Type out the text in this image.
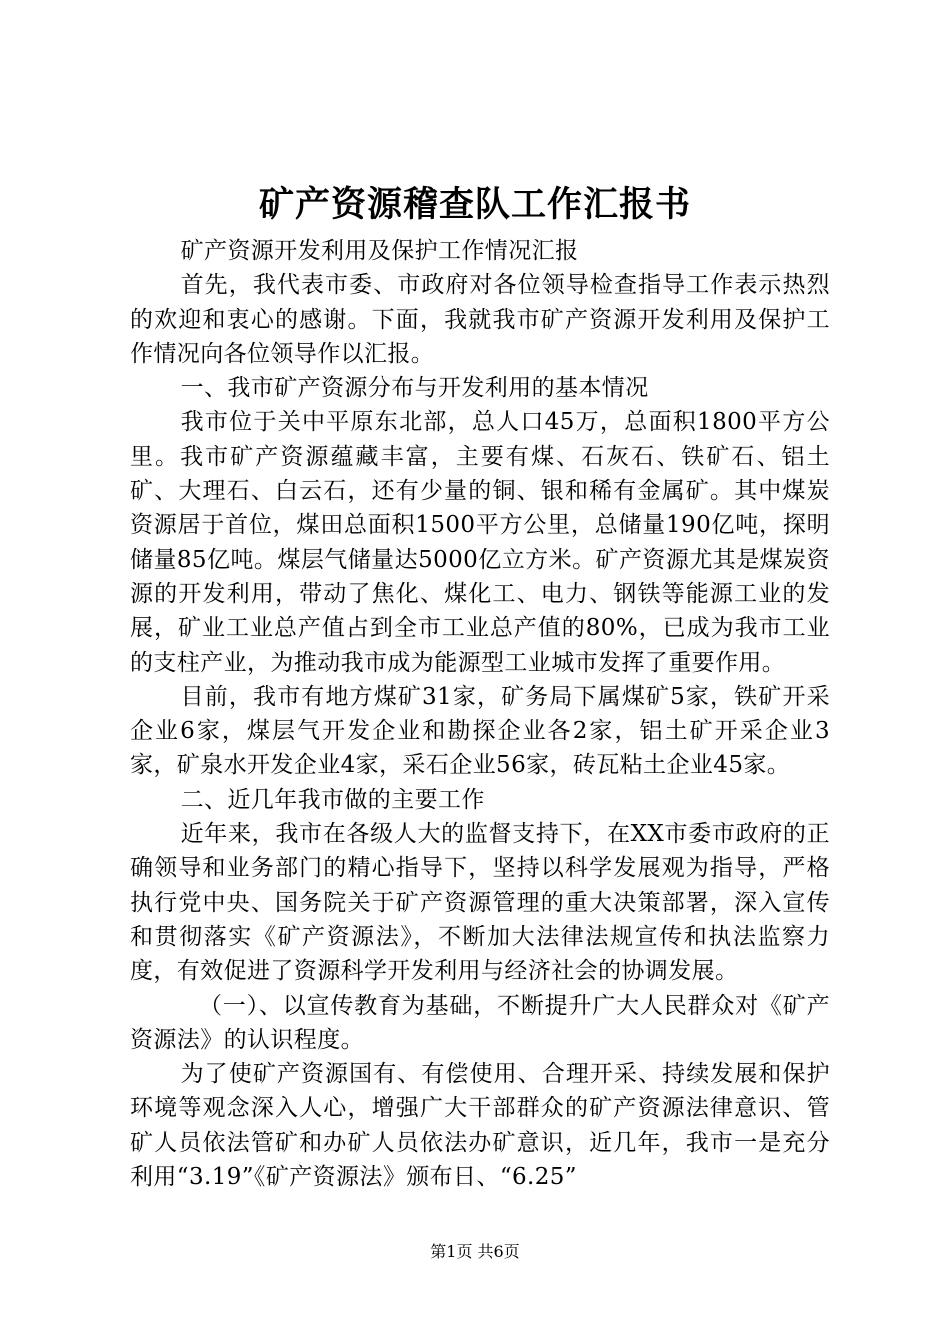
矿产资源稽查队工作汇报书

矿产资源开发利用及保护工作情况汇报

首先，我代表市委、市政府对各位领导检查指导工作表示热烈的欢迎和衷心的感谢。下面，我就我市矿产资源开发利用及保护工作情况向各位领导作以汇报。

一、我市矿产资源分布与开发利用的基本情况

我市位于关中平原东北部，总人口45万，总面积1800平方公里。我市矿产资源蕴藏丰富，主要有煤、石灰石、铁矿石、铝土矿、大理石、白云石，还有少量的铜、银和稀有金属矿。其中煤炭资源居于首位，煤田总面积1500平方公里，总储量190亿吨，探明储量85亿吨。煤层气储量达5000亿立方米。矿产资源尤其是煤炭资源的开发利用，带动了焦化、煤化工、电力、钢铁等能源工业的发展，矿业工业总产值占到全市工业总产值的80%，已成为我市工业的支柱产业，为推动我市成为能源型工业城市发挥了重要作用。

目前，我市有地方煤矿31家，矿务局下属煤矿5家，铁矿开采企业6家，煤层气开发企业和勘探企业各2家，铝土矿开采企业3家，矿泉水开发企业4家，采石企业56家，砖瓦粘土企业45家。

二、近几年我市做的主要工作

近年来，我市在各级人大的监督支持下，在XX市委市政府的正确领导和业务部门的精心指导下，坚持以科学发展观为指导，严格执行党中央、国务院关于矿产资源管理的重大决策部署，深入宣传和贯彻落实《矿产资源法》，不断加大法律法规宣传和执法监察力度，有效促进了资源科学开发利用与经济社会的协调发展。

（一）、以宣传教育为基础，不断提升广大人民群众对《矿产资源法》的认识程度。

为了使矿产资源国有、有偿使用、合理开采、持续发展和保护环境等观念深入人心，增强广大干部群众的矿产资源法律意识、管矿人员依法管矿和办矿人员依法办矿意识，近几年，我市一是充分利用“3.19”《矿产资源法》颁布日、“6.25”

第1页 共6页
